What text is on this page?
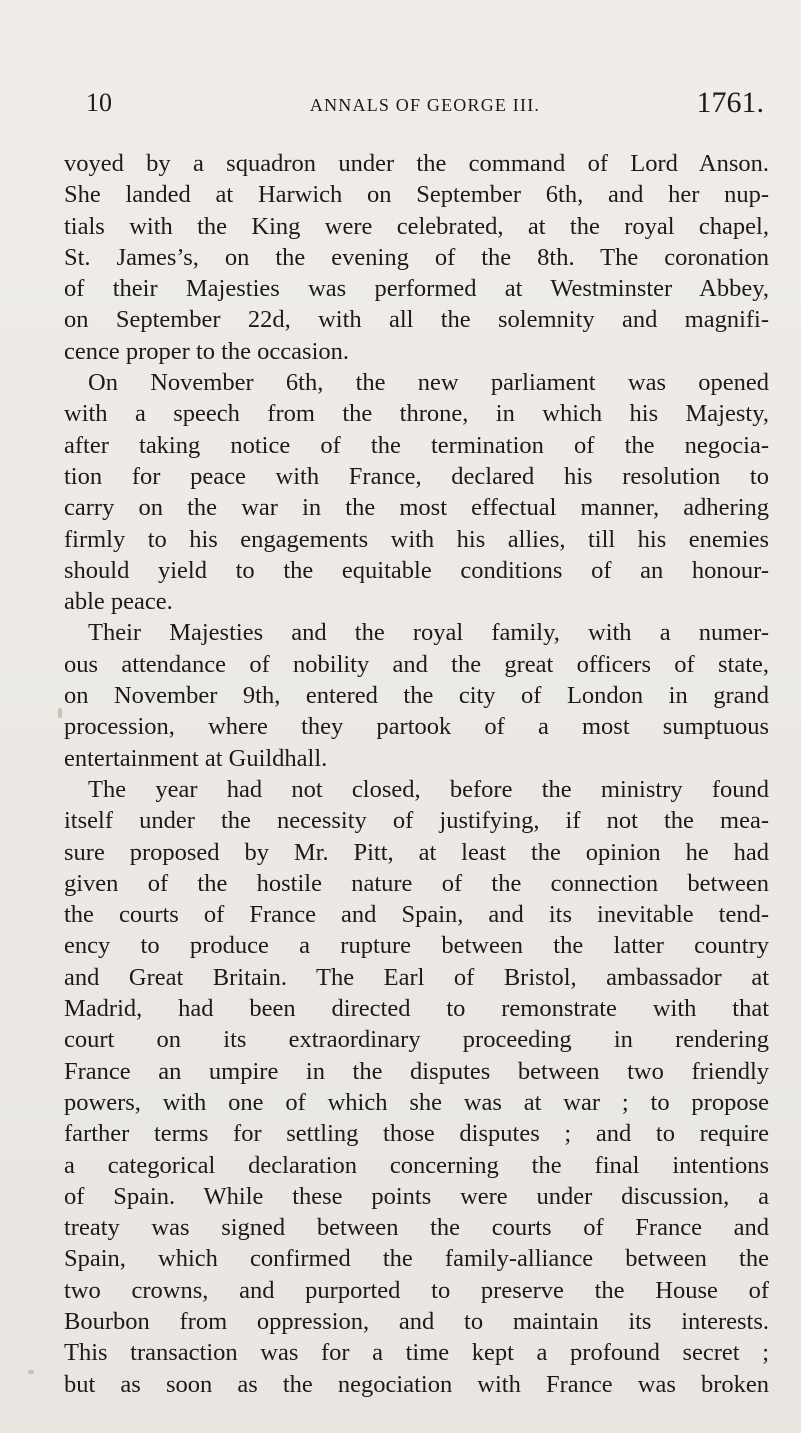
10	ANNALS OF GEORGE III.	1761.
voyed by a squadron under the command of Lord Anson.
She landed at Harwich on September 6th, and her nup-
tials with the King were celebrated, at the royal chapel,
St. James’s, on the evening of the 8th. The coronation
of their Majesties was performed at Westminster Abbey,
on September 22d, with all the solemnity and magnifi-
cence proper to the occasion.
On November 6th, the new parliament was opened
with a speech from the throne, in which his Majesty,
after taking notice of the termination of the negocia-
tion for peace with France, declared his resolution to
carry on the war in the most effectual manner, adhering
firmly to his engagements with his allies, till his enemies
should yield to the equitable conditions of an honour-
able peace.
Their Majesties and the royal family, with a numer-
ous attendance of nobility and the great officers of state,
on November 9th, entered the city of London in grand
procession, where they partook of a most sumptuous
entertainment at Guildhall.
The year had not closed, before the ministry found
itself under the necessity of justifying, if not the mea-
sure proposed by Mr. Pitt, at least the opinion he had
given of the hostile nature of the connection between
the courts of France and Spain, and its inevitable tend-
ency to produce a rupture between the latter country
and Great Britain. The Earl of Bristol, ambassador at
Madrid, had been directed to remonstrate with that
court on its extraordinary proceeding in rendering
France an umpire in the disputes between two friendly
powers, with one of which she was at war ; to propose
farther terms for settling those disputes ; and to require
a categorical declaration concerning the final intentions
of Spain. While these points were under discussion, a
treaty was signed between the courts of France and
Spain, which confirmed the family-alliance between the
two crowns, and purported to preserve the House of
Bourbon from oppression, and to maintain its interests.
This transaction was for a time kept a profound secret ;
but as soon as the negociation with France was broken
